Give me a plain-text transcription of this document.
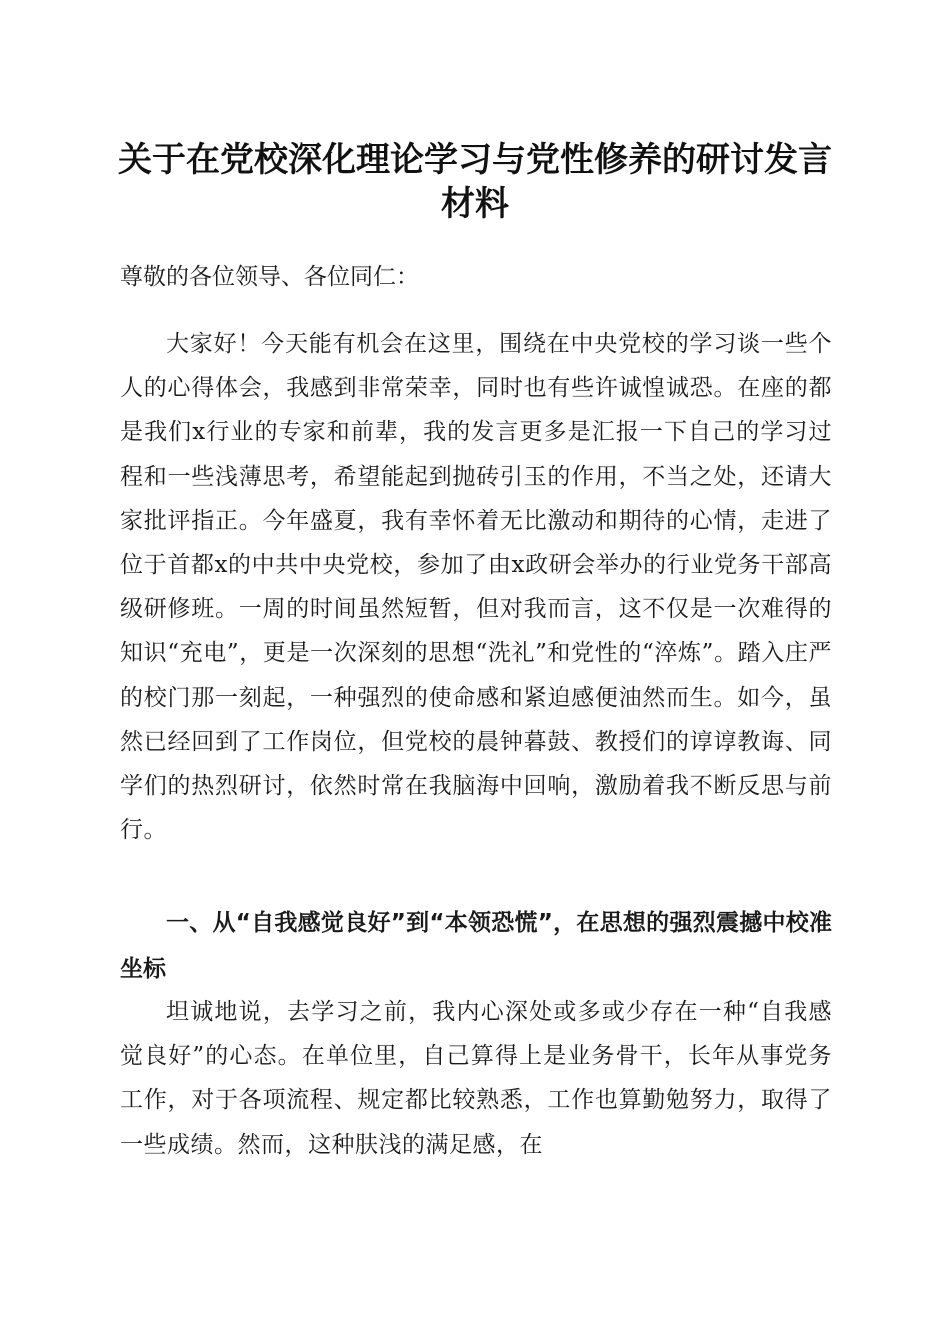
关于在党校深化理论学习与党性修养的研讨发言材料

尊敬的各位领导、各位同仁：

大家好！今天能有机会在这里，围绕在中央党校的学习谈一些个人的心得体会，我感到非常荣幸，同时也有些许诚惶诚恐。在座的都是我们x行业的专家和前辈，我的发言更多是汇报一下自己的学习过程和一些浅薄思考，希望能起到抛砖引玉的作用，不当之处，还请大家批评指正。今年盛夏，我有幸怀着无比激动和期待的心情，走进了位于首都x的中共中央党校，参加了由x政研会举办的行业党务干部高级研修班。一周的时间虽然短暂，但对我而言，这不仅是一次难得的知识“充电”，更是一次深刻的思想“洗礼”和党性的“淬炼”。踏入庄严的校门那一刻起，一种强烈的使命感和紧迫感便油然而生。如今，虽然已经回到了工作岗位，但党校的晨钟暮鼓、教授们的谆谆教诲、同学们的热烈研讨，依然时常在我脑海中回响，激励着我不断反思与前行。

一、从“自我感觉良好”到“本领恐慌”，在思想的强烈震撼中校准坐标

坦诚地说，去学习之前，我内心深处或多或少存在一种“自我感觉良好”的心态。在单位里，自己算得上是业务骨干，长年从事党务工作，对于各项流程、规定都比较熟悉，工作也算勤勉努力，取得了一些成绩。然而，这种肤浅的满足感，在
